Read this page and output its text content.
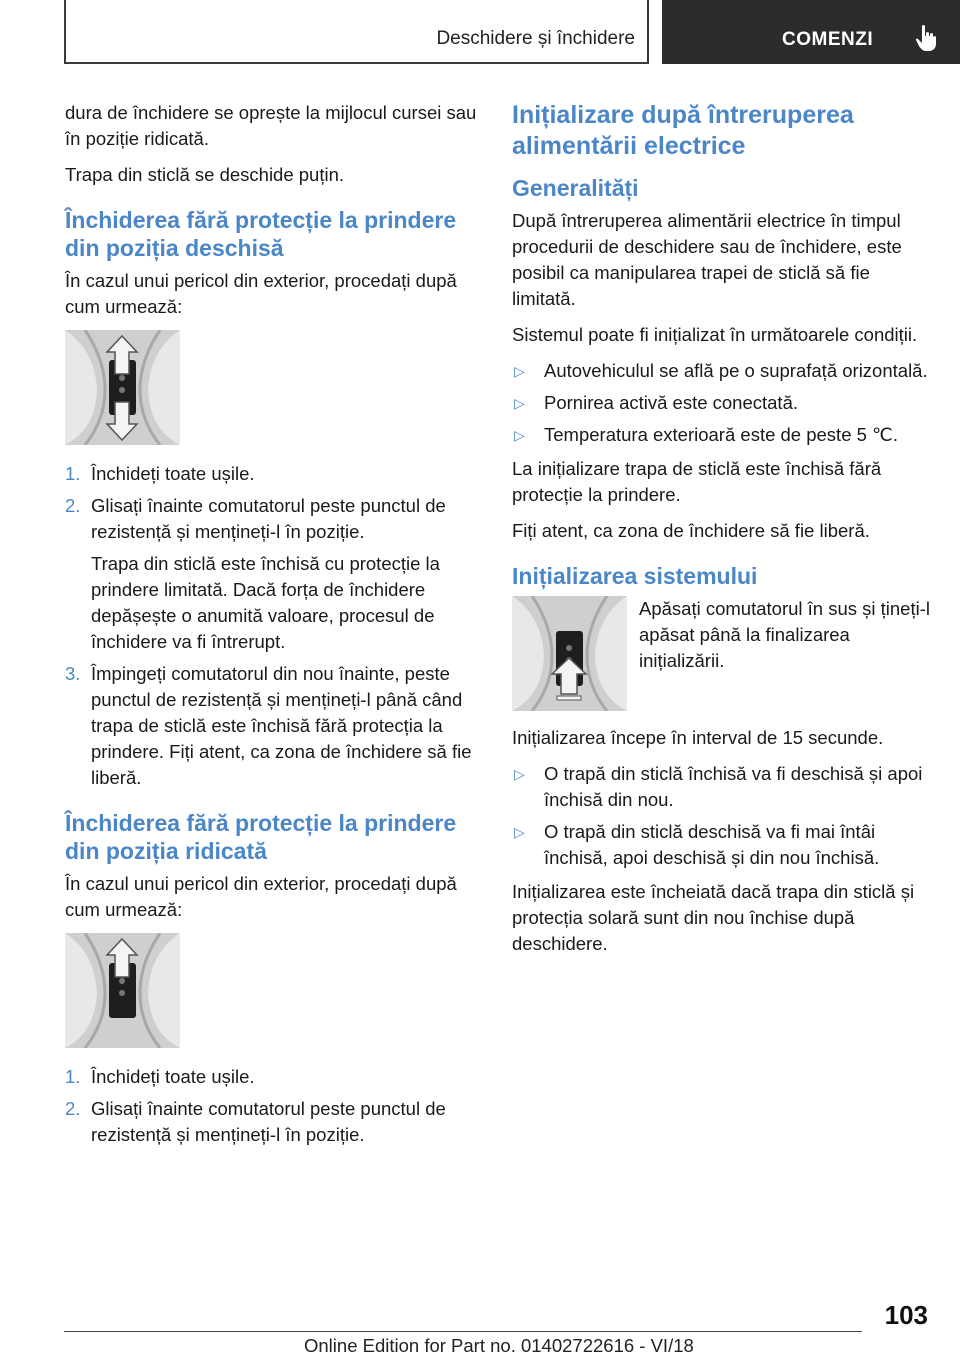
Deschidere și închidere	COMENZI

dura de închidere se oprește la mijlocul cursei sau în poziție ridicată.

Trapa din sticlă se deschide puțin.

Închiderea fără protecție la prindere din poziția deschisă

În cazul unui pericol din exterior, procedați după cum urmează:

1. Închideți toate ușile.
2. Glisați înainte comutatorul peste punctul de rezistență și mențineți-l în poziție.
Trapa din sticlă este închisă cu protecție la prindere limitată. Dacă forța de închidere depășește o anumită valoare, procesul de închidere va fi întrerupt.
3. Împingeți comutatorul din nou înainte, peste punctul de rezistență și mențineți-l până când trapa de sticlă este închisă fără protecția la prindere. Fiți atent, ca zona de închidere să fie liberă.
Închiderea fără protecție la prindere din poziția ridicată

În cazul unui pericol din exterior, procedați după cum urmează:

1. Închideți toate ușile.
2. Glisați înainte comutatorul peste punctul de rezistență și mențineți-l în poziție.
Inițializare după întreruperea alimentării electrice
Generalități

După întreruperea alimentării electrice în timpul procedurii de deschidere sau de închidere, este posibil ca manipularea trapei de sticlă să fie limitată.

Sistemul poate fi inițializat în următoarele condiții.

▷	Autovehiculul se află pe o suprafață orizontală.
▷	Pornirea activă este conectată.
▷	Temperatura exterioară este de peste 5 ℃.

La inițializare trapa de sticlă este închisă fără protecție la prindere.

Fiți atent, ca zona de închidere să fie liberă.

Inițializarea sistemului

Apăsați comutatorul în sus și țineți-l apăsat până la finalizarea inițializării.

Inițializarea începe în interval de 15 secunde.

▷	O trapă din sticlă închisă va fi deschisă și apoi închisă din nou.
▷	O trapă din sticlă deschisă va fi mai întâi închisă, apoi deschisă și din nou închisă.

Inițializarea este încheiată dacă trapa din sticlă și protecția solară sunt din nou închise după deschidere.

103
Online Edition for Part no. 01402722616 - VI/18
